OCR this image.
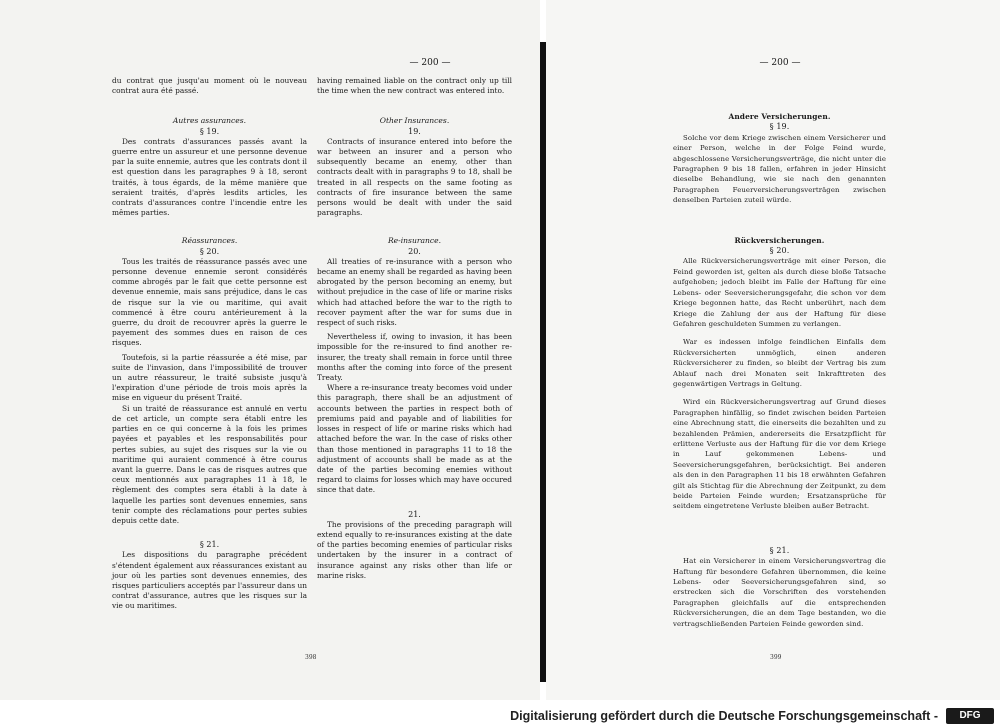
— 200 —

du contrat que jusqu'au moment où le nouveau contrat aura été passé.

Autres assurances.

§ 19.

Des contrats d'assurances passés avant la guerre entre un assureur et une personne devenue par la suite ennemie, autres que les contrats dont il est question dans les paragraphes 9 à 18, seront traités, à tous égards, de la même manière que seraient traités, d'après lesdits articles, les contrats d'assurances contre l'incendie entre les mêmes parties.

Réassurances.

§ 20.

Tous les traités de réassurance passés avec une personne devenue ennemie seront considérés comme abrogés par le fait que cette personne est devenue ennemie, mais sans préjudice, dans le cas de risque sur la vie ou maritime, qui avait commencé à être couru antérieurement à la guerre, du droit de recouvrer après la guerre le payement des sommes dues en raison de ces risques.

Toutefois, si la partie réassurée a été mise, par suite de l'invasion, dans l'impossibilité de trouver un autre réassureur, le traité subsiste jusqu'à l'expiration d'une période de trois mois après la mise en vigueur du présent Traité.

Si un traité de réassurance est annulé en vertu de cet article, un compte sera établi entre les parties en ce qui concerne à la fois les primes payées et payables et les responsabilités pour pertes subies, au sujet des risques sur la vie ou maritime qui auraient commencé à être courus avant la guerre. Dans le cas de risques autres que ceux mentionnés aux paragraphes 11 à 18, le règlement des comptes sera établi à la date à laquelle les parties sont devenues ennemies, sans tenir compte des réclamations pour pertes subies depuis cette date.

§ 21.

Les dispositions du paragraphe précédent s'étendent également aux réassurances existant au jour où les parties sont devenues ennemies, des risques particuliers acceptés par l'assureur dans un contrat d'assurance, autres que les risques sur la vie ou maritimes.

having remained liable on the contract only up till the time when the new contract was entered into.

Other Insurances.

19.

Contracts of insurance entered into before the war between an insurer and a person who subsequently became an enemy, other than contracts dealt with in paragraphs 9 to 18, shall be treated in all respects on the same footing as contracts of fire insurance between the same persons would be dealt with under the said paragraphs.

Re-insurance.

20.

All treaties of re-insurance with a person who became an enemy shall be regarded as having been abrogated by the person becoming an enemy, but without prejudice in the case of life or marine risks which had attached before the war to the rigth to recover payment after the war for sums due in respect of such risks.

Nevertheless if, owing to invasion, it has been impossible for the re-insured to find another re-insurer, the treaty shall remain in force until three months after the coming into force of the present Treaty.

Where a re-insurance treaty becomes void under this paragraph, there shall be an adjustment of accounts between the parties in respect both of premiums paid and payable and of liabilities for losses in respect of life or marine risks which had attached before the war. In the case of risks other than those mentioned in paragraphs 11 to 18 the adjustment of accounts shall be made as at the date of the parties becoming enemies without regard to claims for losses which may have occured since that date.

21.

The provisions of the preceding paragraph will extend equally to re-insurances existing at the date of the parties becoming enemies of particular risks undertaken by the insurer in a contract of insurance against any risks other than life or marine risks.

398
— 200 —

Andere Versicherungen.

§ 19.

Solche vor dem Kriege zwischen einem Versicherer und einer Person, welche in der Folge Feind wurde, abgeschlossene Versicherungsverträge, die nicht unter die Paragraphen 9 bis 18 fallen, erfahren in jeder Hinsicht dieselbe Behandlung, wie sie nach den genannten Paragraphen Feuerversicherungsverträgen zwischen denselben Parteien zuteil würde.

Rückversicherungen.

§ 20.

Alle Rückversicherungsverträge mit einer Person, die Feind geworden ist, gelten als durch diese bloße Tatsache aufgehoben; jedoch bleibt im Falle der Haftung für eine Lebens- oder Seeversicherungsgefahr, die schon vor dem Kriege begonnen hatte, das Recht unberührt, nach dem Kriege die Zahlung der aus der Haftung für diese Gefahren geschuldeten Summen zu verlangen.

War es indessen infolge feindlichen Einfalls dem Rückversicherten unmöglich, einen anderen Rückversicherer zu finden, so bleibt der Vertrag bis zum Ablauf nach drei Monaten seit Inkrafttreten des gegenwärtigen Vertrags in Geltung.

Wird ein Rückversicherungsvertrag auf Grund dieses Paragraphen hinfällig, so findet zwischen beiden Parteien eine Abrechnung statt, die einerseits die bezahlten und zu bezahlenden Prämien, andererseits die Ersatzpflicht für erlittene Verluste aus der Haftung für die vor dem Kriege in Lauf gekommenen Lebens- und Seeversicherungsgefahren, berücksichtigt. Bei anderen als den in den Paragraphen 11 bis 18 erwähnten Gefahren gilt als Stichtag für die Abrechnung der Zeitpunkt, zu dem beide Parteien Feinde wurden; Ersatzansprüche für seitdem eingetretene Verluste bleiben außer Betracht.

§ 21.

Hat ein Versicherer in einem Versicherungsvertrag die Haftung für besondere Gefahren übernommen, die keine Lebens- oder Seeversicherungsgefahren sind, so erstrecken sich die Vorschriften des vorstehenden Paragraphen gleichfalls auf die entsprechenden Rückversicherungen, die an dem Tage bestanden, wo die vertragschließenden Parteien Feinde geworden sind.

399
Digitalisierung gefördert durch die Deutsche Forschungsgemeinschaft -	DFG
